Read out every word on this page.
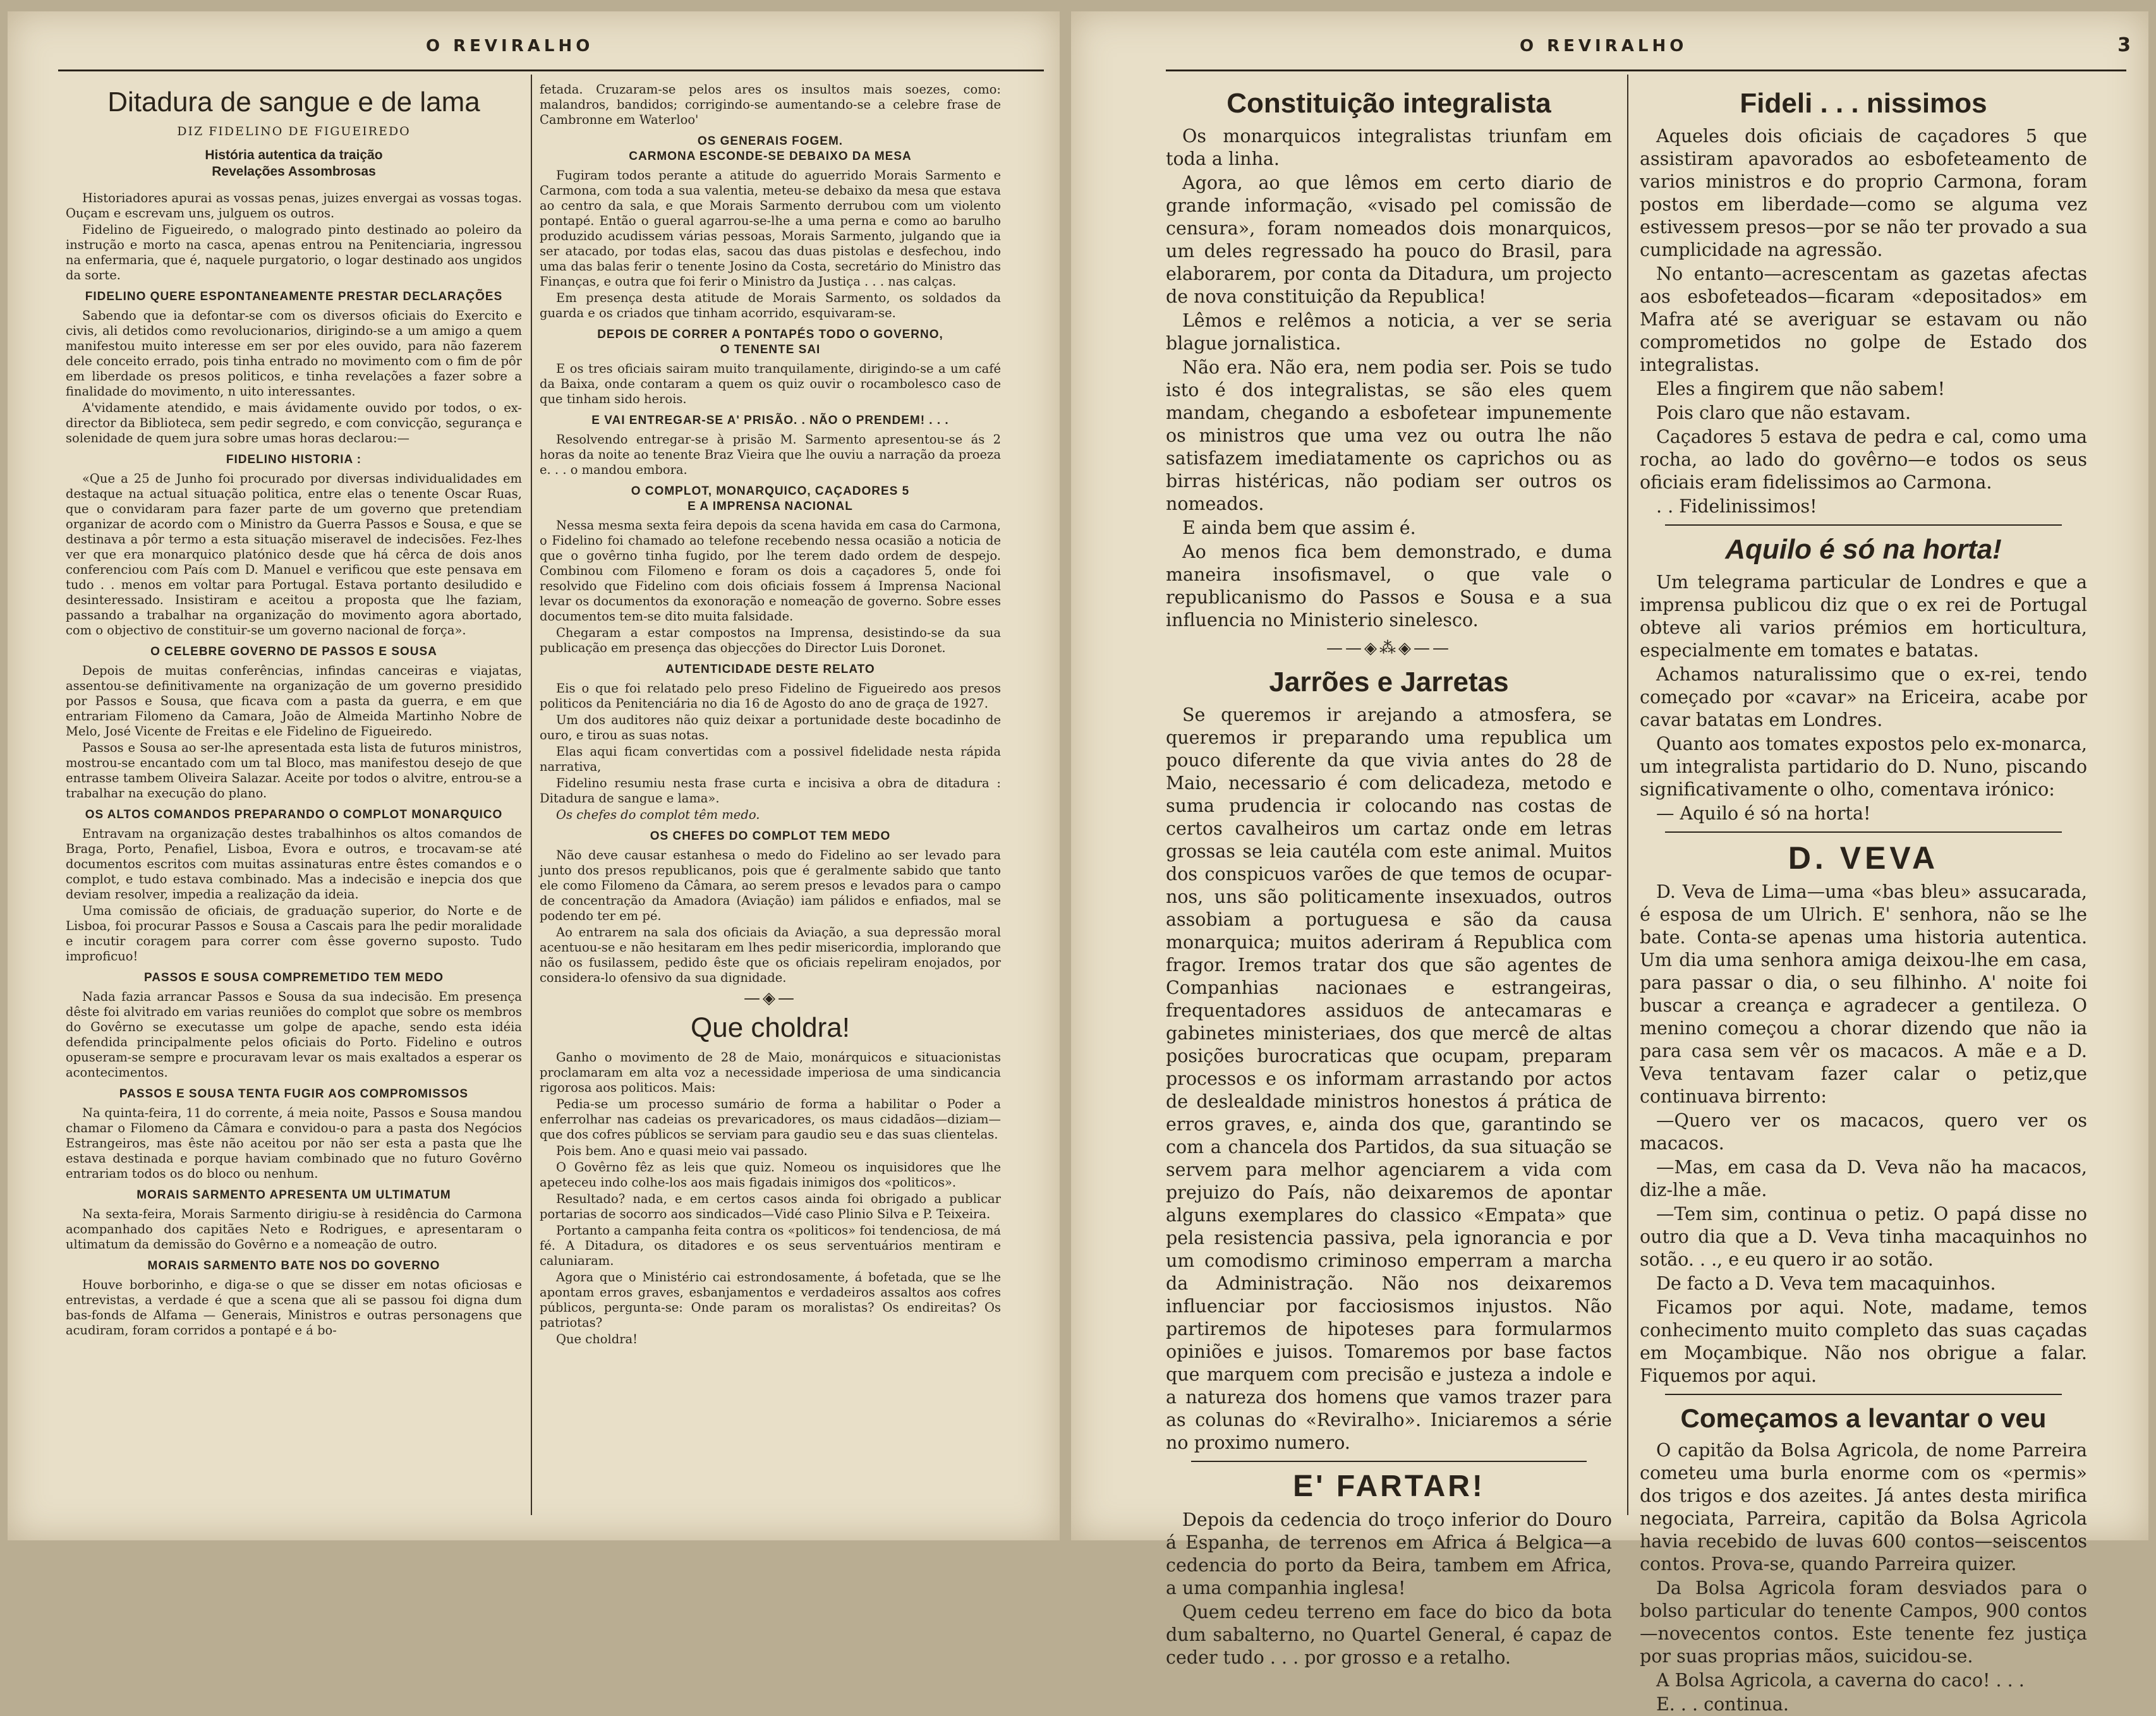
O REVIRALHO
Ditadura de sangue e de lama
DIZ FIDELINO DE FIGUEIREDO
História autentica da traição
Revelações Assombrosas

Historiadores apurai as vossas penas, juizes envergai as vossas togas. Ouçam e escrevam uns, julguem os outros.

Fidelino de Figueiredo, o malogrado pinto destinado ao poleiro da instrução e morto na casca, apenas entrou na Penitenciaria, ingressou na enfermaria, que é, naquele purgatorio, o logar destinado aos ungidos da sorte.

FIDELINO QUERE ESPONTANEAMENTE PRESTAR DECLARAÇÕES

Sabendo que ia defontar-se com os diversos oficiais do Exercito e civis, ali detidos como revolucionarios, dirigindo-se a um amigo a quem manifestou muito interesse em ser por eles ouvido, para não fazerem dele conceito errado, pois tinha entrado no movimento com o fim de pôr em liberdade os presos politicos, e tinha revelações a fazer sobre a finalidade do movimento, n uito interessantes.

A'vidamente atendido, e mais ávidamente ouvido por todos, o ex-director da Biblioteca, sem pedir segredo, e com convicção, segurança e solenidade de quem jura sobre umas horas declarou:—

FIDELINO HISTORIA :

«Que a 25 de Junho foi procurado por diversas individualidades em destaque na actual situação politica, entre elas o tenente Oscar Ruas, que o convidaram para fazer parte de um governo que pretendiam organizar de acordo com o Ministro da Guerra Passos e Sousa, e que se destinava a pôr termo a esta situação miseravel de indecisões. Fez-lhes ver que era monarquico platónico desde que há cêrca de dois anos conferenciou com País com D. Manuel e verificou que este pensava em tudo . . menos em voltar para Portugal. Estava portanto desiludido e desinteressado. Insistiram e aceitou a proposta que lhe faziam, passando a trabalhar na organização do movimento agora abortado, com o objectivo de constituir-se um governo nacional de força».

O CELEBRE GOVERNO DE PASSOS E SOUSA

Depois de muitas conferências, infindas canceiras e viajatas, assentou-se definitivamente na organização de um governo presidido por Passos e Sousa, que ficava com a pasta da guerra, e em que entrariam Filomeno da Camara, João de Almeida Martinho Nobre de Melo, José Vicente de Freitas e ele Fidelino de Figueiredo.

Passos e Sousa ao ser-lhe apresentada esta lista de futuros ministros, mostrou-se encantado com um tal Bloco, mas manifestou desejo de que entrasse tambem Oliveira Salazar. Aceite por todos o alvitre, entrou-se a trabalhar na execução do plano.

OS ALTOS COMANDOS PREPARANDO O COMPLOT MONARQUICO

Entravam na organização destes trabalhinhos os altos comandos de Braga, Porto, Penafiel, Lisboa, Evora e outros, e trocavam-se até documentos escritos com muitas assinaturas entre êstes comandos e o complot, e tudo estava combinado. Mas a indecisão e inepcia dos que deviam resolver, impedia a realização da ideia.

Uma comissão de oficiais, de graduação superior, do Norte e de Lisboa, foi procurar Passos e Sousa a Cascais para lhe pedir moralidade e incutir coragem para correr com êsse governo suposto. Tudo improficuo!

PASSOS E SOUSA COMPREMETIDO TEM MEDO

Nada fazia arrancar Passos e Sousa da sua indecisão. Em presença dêste foi alvitrado em varias reuniões do complot que sobre os membros do Govêrno se executasse um golpe de apache, sendo esta idéia defendida principalmente pelos oficiais do Porto. Fidelino e outros opuseram-se sempre e procuravam levar os mais exaltados a esperar os acontecimentos.

PASSOS E SOUSA TENTA FUGIR AOS COMPROMISSOS

Na quinta-feira, 11 do corrente, á meia noite, Passos e Sousa mandou chamar o Filomeno da Câmara e convidou-o para a pasta dos Negócios Estrangeiros, mas êste não aceitou por não ser esta a pasta que lhe estava destinada e porque haviam combinado que no futuro Govêrno entrariam todos os do bloco ou nenhum.

MORAIS SARMENTO APRESENTA UM ULTIMATUM

Na sexta-feira, Morais Sarmento dirigiu-se à residência do Carmona acompanhado dos capitães Neto e Rodrigues, e apresentaram o ultimatum da demissão do Govêrno e a nomeação de outro.

MORAIS SARMENTO BATE NOS DO GOVERNO

Houve borborinho, e diga-se o que se disser em notas oficiosas e entrevistas, a verdade é que a scena que ali se passou foi digna dum bas-fonds de Alfama — Generais, Ministros e outras personagens que acudiram, foram corridos a pontapé e á bo-

fetada. Cruzaram-se pelos ares os insultos mais soezes, como: malandros, bandidos; corrigindo-se aumentando-se a celebre frase de Cambronne em Waterloo'

OS GENERAIS FOGEM.
CARMONA ESCONDE-SE DEBAIXO DA MESA

Fugiram todos perante a atitude do aguerrido Morais Sarmento e Carmona, com toda a sua valentia, meteu-se debaixo da mesa que estava ao centro da sala, e que Morais Sarmento derrubou com um violento pontapé. Então o gueral agarrou-se-lhe a uma perna e como ao barulho produzido acudissem várias pessoas, Morais Sarmento, julgando que ia ser atacado, por todas elas, sacou das duas pistolas e desfechou, indo uma das balas ferir o tenente Josino da Costa, secretário do Ministro das Finanças, e outra que foi ferir o Ministro da Justiça . . . nas calças.

Em presença desta atitude de Morais Sarmento, os soldados da guarda e os criados que tinham acorrido, esquivaram-se.

DEPOIS DE CORRER A PONTAPÉS TODO O GOVERNO,
O TENENTE SAI

E os tres oficiais sairam muito tranquilamente, dirigindo-se a um café da Baixa, onde contaram a quem os quiz ouvir o rocambolesco caso de que tinham sido herois.

E VAI ENTREGAR-SE A' PRISÃO. . NÃO O PRENDEM! . . .

Resolvendo entregar-se à prisão M. Sarmento apresentou-se ás 2 horas da noite ao tenente Braz Vieira que lhe ouviu a narração da proeza e. . . o mandou embora.

O COMPLOT, MONARQUICO, CAÇADORES 5
E A IMPRENSA NACIONAL

Nessa mesma sexta feira depois da scena havida em casa do Carmona, o Fidelino foi chamado ao telefone recebendo nessa ocasião a noticia de que o govêrno tinha fugido, por lhe terem dado ordem de despejo. Combinou com Filomeno e foram os dois a caçadores 5, onde foi resolvido que Fidelino com dois oficiais fossem á Imprensa Nacional levar os documentos da exonoração e nomeação de governo. Sobre esses documentos tem-se dito muita falsidade.

Chegaram a estar compostos na Imprensa, desistindo-se da sua publicação em presença das objecções do Director Luis Doronet.

AUTENTICIDADE DESTE RELATO

Eis o que foi relatado pelo preso Fidelino de Figueiredo aos presos politicos da Penitenciária no dia 16 de Agosto do ano de graça de 1927.

Um dos auditores não quiz deixar a portunidade deste bocadinho de ouro, e tirou as suas notas.

Elas aqui ficam convertidas com a possivel fidelidade nesta rápida narrativa,

Fidelino resumiu nesta frase curta e incisiva a obra de ditadura : Ditadura de sangue e lama».

Os chefes do complot têm medo.

OS CHEFES DO COMPLOT TEM MEDO

Não deve causar estanhesa o medo do Fidelino ao ser levado para junto dos presos republicanos, pois que é geralmente sabido que tanto ele como Filomeno da Câmara, ao serem presos e levados para o campo de concentração da Amadora (Aviação) iam pálidos e enfiados, mal se podendo ter em pé.

Ao entrarem na sala dos oficiais da Aviação, a sua depressão moral acentuou-se e não hesitaram em lhes pedir misericordia, implorando que não os fusilassem, pedido êste que os oficiais repeliram enojados, por considera-lo ofensivo da sua dignidade.

—◈—
Que choldra!

Ganho o movimento de 28 de Maio, monárquicos e situacionistas proclamaram em alta voz a necessidade imperiosa de uma sindicancia rigorosa aos politicos. Mais:

Pedia-se um processo sumário de forma a habilitar o Poder a enferrolhar nas cadeias os prevaricadores, os maus cidadãos—diziam—que dos cofres públicos se serviam para gaudio seu e das suas clientelas.

Pois bem. Ano e quasi meio vai passado.

O Govêrno fêz as leis que quiz. Nomeou os inquisidores que lhe apeteceu indo colhe-los aos mais figadais inimigos dos «politicos».

Resultado? nada, e em certos casos ainda foi obrigado a publicar portarias de socorro aos sindicados—Vidé caso Plinio Silva e P. Teixeira.

Portanto a campanha feita contra os «politicos» foi tendenciosa, de má fé. A Ditadura, os ditadores e os seus serventuários mentiram e caluniaram.

Agora que o Ministério cai estrondosamente, á bofetada, que se lhe apontam erros graves, esbanjamentos e verdadeiros assaltos aos cofres públicos, pergunta-se: Onde param os moralistas? Os endireitas? Os patriotas?

Que choldra!

O REVIRALHO	3
Constituição integralista

Os monarquicos integralistas triunfam em toda a linha.

Agora, ao que lêmos em certo diario de grande informação, «visado pel comissão de censura», foram nomeados dois monarquicos, um deles regressado ha pouco do Brasil, para elaborarem, por conta da Ditadura, um projecto de nova constituição da Republica!

Lêmos e relêmos a noticia, a ver se seria blague jornalistica.

Não era. Não era, nem podia ser. Pois se tudo isto é dos integralistas, se são eles quem mandam, chegando a esbofetear impunemente os ministros que uma vez ou outra lhe não satisfazem imediatamente os caprichos ou as birras histéricas, não podiam ser outros os nomeados.

E ainda bem que assim é.

Ao menos fica bem demonstrado, e duma maneira insofismavel, o que vale o republicanismo do Passos e Sousa e a sua influencia no Ministerio sinelesco.

——◈⁂◈——
Jarrões e Jarretas

Se queremos ir arejando a atmosfera, se queremos ir preparando uma republica um pouco diferente da que vivia antes do 28 de Maio, necessario é com delicadeza, metodo e suma prudencia ir colocando nas costas de certos cavalheiros um cartaz onde em letras grossas se leia cautéla com este animal. Muitos dos conspicuos varões de que temos de ocupar-nos, uns são politicamente insexuados, outros assobiam a portuguesa e são da causa monarquica; muitos aderiram á Republica com fragor. Iremos tratar dos que são agentes de Companhias nacionaes e estrangeiras, frequentadores assiduos de antecamaras e gabinetes ministeriaes, dos que mercê de altas posições burocraticas que ocupam, preparam processos e os informam arrastando por actos de deslealdade ministros honestos á prática de erros graves, e, ainda dos que, garantindo se com a chancela dos Partidos, da sua situação se servem para melhor agenciarem a vida com prejuizo do País, não deixaremos de apontar alguns exemplares do classico «Empata» que pela resistencia passiva, pela ignorancia e por um comodismo criminoso emperram a marcha da Administração. Não nos deixaremos influenciar por facciosismos injustos. Não partiremos de hipoteses para formularmos opiniões e juisos. Tomaremos por base factos que marquem com precisão e justeza a indole e a natureza dos homens que vamos trazer para as colunas do «Reviralho». Iniciaremos a série no proximo numero.

E' FARTAR!

Depois da cedencia do troço inferior do Douro á Espanha, de terrenos em Africa á Belgica—a cedencia do porto da Beira, tambem em Africa, a uma companhia inglesa!

Quem cedeu terreno em face do bico da bota dum sabalterno, no Quartel General, é capaz de ceder tudo . . . por grosso e a retalho.

Fideli . . . nissimos

Aqueles dois oficiais de caçadores 5 que assistiram apavorados ao esbofeteamento de varios ministros e do proprio Carmona, foram postos em liberdade—como se alguma vez estivessem presos—por se não ter provado a sua cumplicidade na agressão.

No entanto—acrescentam as gazetas afectas aos esbofeteados—ficaram «depositados» em Mafra até se averiguar se estavam ou não comprometidos no golpe de Estado dos integralistas.

Eles a fingirem que não sabem!

Pois claro que não estavam.

Caçadores 5 estava de pedra e cal, como uma rocha, ao lado do govêrno—e todos os seus oficiais eram fidelissimos ao Carmona.

. . Fidelinissimos!

Aquilo é só na horta!

Um telegrama particular de Londres e que a imprensa publicou diz que o ex rei de Portugal obteve ali varios prémios em horticultura, especialmente em tomates e batatas.

Achamos naturalissimo que o ex-rei, tendo começado por «cavar» na Ericeira, acabe por cavar batatas em Londres.

Quanto aos tomates expostos pelo ex-monarca, um integralista partidario do D. Nuno, piscando significativamente o olho, comentava irónico:

— Aquilo é só na horta!

D. VEVA

D. Veva de Lima—uma «bas bleu» assucarada, é esposa de um Ulrich. E' senhora, não se lhe bate. Conta-se apenas uma historia autentica. Um dia uma senhora amiga deixou-lhe em casa, para passar o dia, o seu filhinho. A' noite foi buscar a creança e agradecer a gentileza. O menino começou a chorar dizendo que não ia para casa sem vêr os macacos. A mãe e a D. Veva tentavam fazer calar o petiz,que continuava birrento:

—Quero ver os macacos, quero ver os macacos.

—Mas, em casa da D. Veva não ha macacos, diz-lhe a mãe.

—Tem sim, continua o petiz. O papá disse no outro dia que a D. Veva tinha macaquinhos no sotão. . ., e eu quero ir ao sotão.

De facto a D. Veva tem macaquinhos.

Ficamos por aqui. Note, madame, temos conhecimento muito completo das suas caçadas em Moçambique. Não nos obrigue a falar. Fiquemos por aqui.

Começamos a levantar o veu

O capitão da Bolsa Agricola, de nome Parreira cometeu uma burla enorme com os «permis» dos trigos e dos azeites. Já antes desta mirifica negociata, Parreira, capitão da Bolsa Agricola havia recebido de luvas 600 contos—seiscentos contos. Prova-se, quando Parreira quizer.

Da Bolsa Agricola foram desviados para o bolso particular do tenente Campos, 900 contos—novecentos contos. Este tenente fez justiça por suas proprias mãos, suicidou-se.

A Bolsa Agricola, a caverna do caco! . . .

E. . . continua.
